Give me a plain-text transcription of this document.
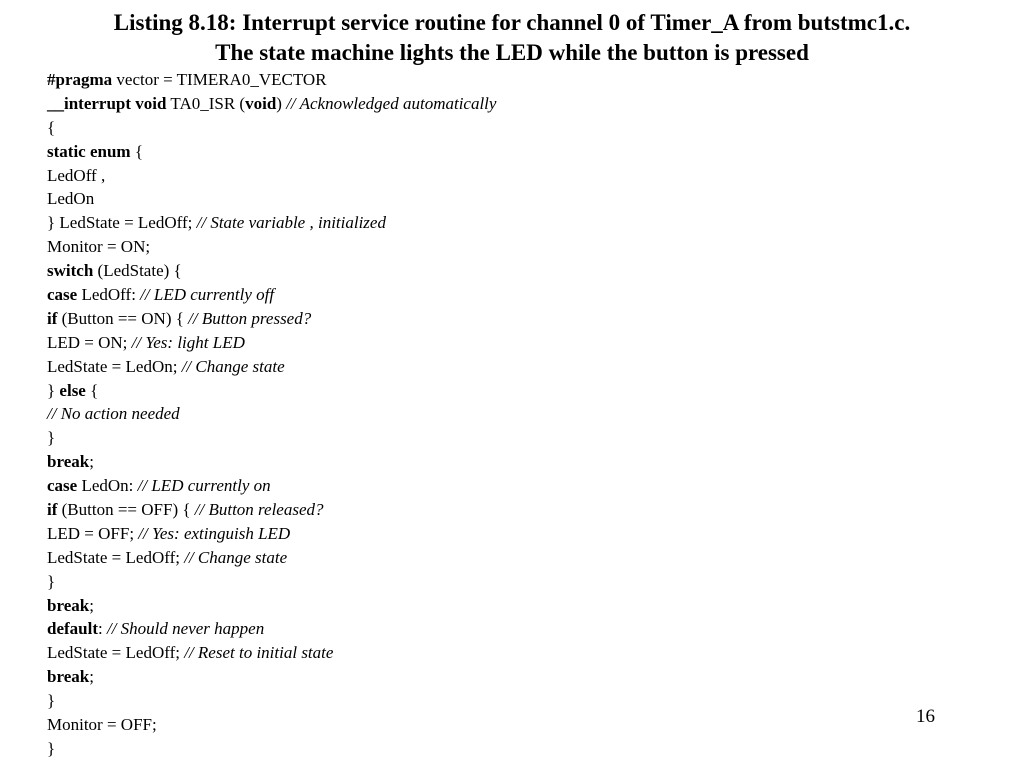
Listing 8.18: Interrupt service routine for channel 0 of Timer_A from butstmc1.c.
The state machine lights the LED while the button is pressed
#pragma vector = TIMERA0_VECTOR
__interrupt void TA0_ISR (void) // Acknowledged automatically
{
static enum {
LedOff ,
LedOn
} LedState = LedOff; // State variable , initialized
Monitor = ON;
switch (LedState) {
case LedOff: // LED currently off
if (Button == ON) { // Button pressed?
LED = ON; // Yes: light LED
LedState = LedOn; // Change state
} else {
// No action needed
}
break;
case LedOn: // LED currently on
if (Button == OFF) { // Button released?
LED = OFF; // Yes: extinguish LED
LedState = LedOff; // Change state
}
break;
default: // Should never happen
LedState = LedOff; // Reset to initial state
break;
}
Monitor = OFF;
}
16
